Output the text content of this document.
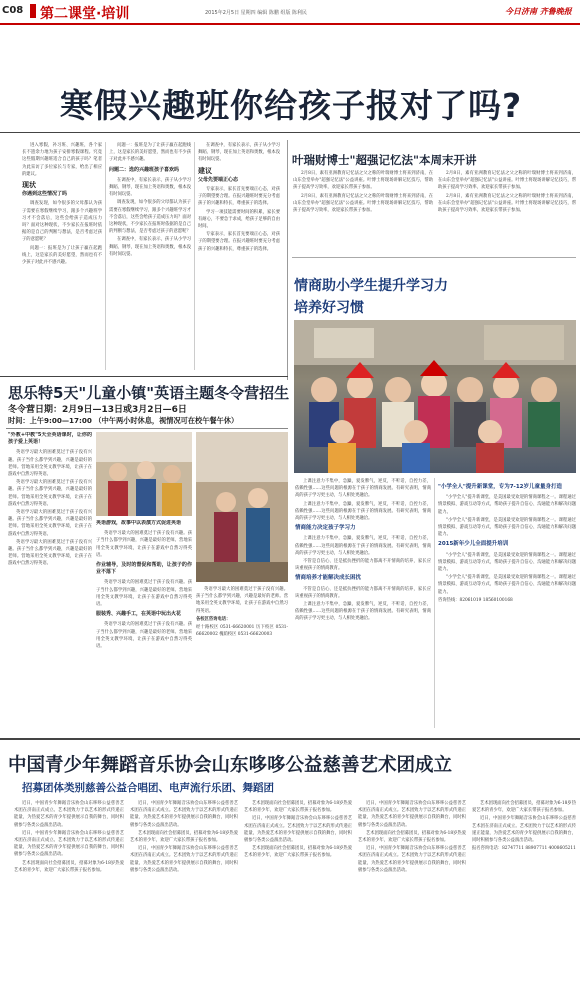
C08 第二课堂·培训	2015年2月5日 星期四 编辑 陈鹏 组版 陈利民	今日济南 齐鲁晚报
寒假兴趣班你给孩子报对了吗?

进入寒假，补习班、兴趣班，各个家长不遗余力地为孩子安排寒假课程。究竟这些假期兴趣班适合自己的孩子吗？笔者为此采访了多位家长与专家，给出了相应的建议。

现状
你遇到这些情况了吗

调查发现，如今很多的父母都认为孩子需要在寒假继续学习，跟多个兴趣班学习才不会落后，这些会给孩子造成压力吗？面对这种现状，不少家长在报班时依据的是自己的判断与想法，是否考虑过孩子的意愿呢？

问题一：报班是为了让孩子赢在起跑线上，这是家长的美好愿望，然而也有不少孩子对此并不感兴趣。

问题一：报班是为了让孩子赢在起跑线上，这是家长的美好愿望，然而也有不少孩子对此并不感兴趣。

问题二：选的兴趣班孩子喜欢吗

在调查中，有家长表示，孩子从小学习舞蹈、钢琴，现在加上英语和奥数，根本没有时间玩耍。

调查发现，如今很多的父母都认为孩子需要在寒假继续学习，跟多个兴趣班学习才不会落后，这些会给孩子造成压力吗？面对这种现状，不少家长在报班时依据的是自己的判断与想法，是否考虑过孩子的意愿呢？

在调查中，有家长表示，孩子从小学习舞蹈、钢琴，现在加上英语和奥数，根本没有时间玩耍。

在调查中，有家长表示，孩子从小学习舞蹈、钢琴，现在加上英语和奥数，根本没有时间玩耍。

建议
父母先要端正心态

专家表示，家长首先要端正心态，对孩子的期望要合理。在报兴趣班时要充分考虑孩子的兴趣和特长，尊重孩子的选择。

学习一项技能需要时间的积累，家长要有耐心，不要急于求成，给孩子足够的自由时间。

专家表示，家长首先要端正心态，对孩子的期望要合理。在报兴趣班时要充分考虑孩子的兴趣和特长，尊重孩子的选择。

叶瑞财博士"超强记忆法"本周末开讲

2月8日，素有亚洲教育记忆法之父之称的叶瑞财博士将来到济南，在山东会堂举办"超强记忆法"公益讲座。叶博士将现场讲解记忆技巧，帮助孩子提高学习效率，欢迎家长带孩子参加。

2月8日，素有亚洲教育记忆法之父之称的叶瑞财博士将来到济南，在山东会堂举办"超强记忆法"公益讲座。叶博士将现场讲解记忆技巧，帮助孩子提高学习效率，欢迎家长带孩子参加。

2月8日，素有亚洲教育记忆法之父之称的叶瑞财博士将来到济南，在山东会堂举办"超强记忆法"公益讲座。叶博士将现场讲解记忆技巧，帮助孩子提高学习效率，欢迎家长带孩子参加。

2月8日，素有亚洲教育记忆法之父之称的叶瑞财博士将来到济南，在山东会堂举办"超强记忆法"公益讲座。叶博士将现场讲解记忆技巧，帮助孩子提高学习效率，欢迎家长带孩子参加。

情商助小学生提升学习力
培养好习惯

上课注意力不集中，急躁，爱发脾气，逆反，不听话，自控力差，依赖性强……这些问题的根源在于孩子的情商发展。有研究表明，情商高的孩子学习更主动，与人相处更融洽。

上课注意力不集中，急躁，爱发脾气，逆反，不听话，自控力差，依赖性强……这些问题的根源在于孩子的情商发展。有研究表明，情商高的孩子学习更主动，与人相处更融洽。

情商能力决定孩子学习力

上课注意力不集中，急躁，爱发脾气，逆反，不听话，自控力差，依赖性强……这些问题的根源在于孩子的情商发展。有研究表明，情商高的孩子学习更主动，与人相处更融洽。

不管是自信心、还是抵抗挫折的能力都离不开情商的培养，家长应该重视孩子的情商教育。

情商培养才能解决成长困扰

不管是自信心、还是抵抗挫折的能力都离不开情商的培养，家长应该重视孩子的情商教育。

上课注意力不集中，急躁，爱发脾气，逆反，不听话，自控力差，依赖性强……这些问题的根源在于孩子的情商发展。有研究表明，情商高的孩子学习更主动，与人相处更融洽。

"小学全人"提升新课堂，专为7-12岁儿童量身打造

"小学全人"提升新课堂，是美国最受欢迎的情商课程之一。课程通过情景模拟、游戏互动等方式，帮助孩子提升自信心、沟通能力和解决问题能力。

"小学全人"提升新课堂，是美国最受欢迎的情商课程之一。课程通过情景模拟、游戏互动等方式，帮助孩子提升自信心、沟通能力和解决问题能力。

2015新年少儿全面提升培训

"小学全人"提升新课堂，是美国最受欢迎的情商课程之一。课程通过情景模拟、游戏互动等方式，帮助孩子提升自信心、沟通能力和解决问题能力。

"小学全人"提升新课堂，是美国最受欢迎的情商课程之一。课程通过情景模拟、游戏互动等方式，帮助孩子提升自信心、沟通能力和解决问题能力。

咨询热线：82061019 18560100168

思乐特5天"儿童小镇"英语主题冬令营招生
冬令营日期：2月9日—13日或3月2日—6日
时间：上午9:00—17:00 （中午两小时休息，视情况可在校午餐午休）
"外教+中教"5天全英语课时，让你的孩子爱上英语！

英语学习最大的困难莫过于孩子没有兴趣。孩子当什么都学到兴趣，兴趣是最好的老师。营地采用全英文教学环境，让孩子在游戏中自然习得英语。

英语学习最大的困难莫过于孩子没有兴趣。孩子当什么都学到兴趣，兴趣是最好的老师。营地采用全英文教学环境，让孩子在游戏中自然习得英语。

英语学习最大的困难莫过于孩子没有兴趣。孩子当什么都学到兴趣，兴趣是最好的老师。营地采用全英文教学环境，让孩子在游戏中自然习得英语。

英语学习最大的困难莫过于孩子没有兴趣。孩子当什么都学到兴趣，兴趣是最好的老师。营地采用全英文教学环境，让孩子在游戏中自然习得英语。

英语游戏，故事中以表演方式促进英语

英语学习最大的困难莫过于孩子没有兴趣。孩子当什么都学到兴趣，兴趣是最好的老师。营地采用全英文教学环境，让孩子在游戏中自然习得英语。

作业辅导，及时的督促和帮助，让孩子的作业不落下

英语学习最大的困难莫过于孩子没有兴趣。孩子当什么都学到兴趣，兴趣是最好的老师。营地采用全英文教学环境，让孩子在游戏中自然习得英语。

服装秀、兴趣手工，在英语中玩出火花

英语学习最大的困难莫过于孩子没有兴趣。孩子当什么都学到兴趣，兴趣是最好的老师。营地采用全英文教学环境，让孩子在游戏中自然习得英语。

英语学习最大的困难莫过于孩子没有兴趣。孩子当什么都学到兴趣，兴趣是最好的老师。营地采用全英文教学环境，让孩子在游戏中自然习得英语。

各校区咨询电话：

经十路校区 0531-66620001 历下校区 0531-66620002 槐荫校区 0531-66620003

中国青少年舞蹈音乐协会山东哆哆公益慈善艺术团成立
招募团体类别慈善公益合唱团、电声流行乐团、舞蹈团

近日，中国青少年舞蹈音乐协会山东哆哆公益慈善艺术团在济南正式成立。艺术团致力于以艺术的形式传递正能量，为热爱艺术的青少年提供展示自我的舞台，同时积极参与各类公益演出活动。

近日，中国青少年舞蹈音乐协会山东哆哆公益慈善艺术团在济南正式成立。艺术团致力于以艺术的形式传递正能量，为热爱艺术的青少年提供展示自我的舞台，同时积极参与各类公益演出活动。

艺术团现面向社会招募团员，招募对象为6-18岁热爱艺术的青少年，欢迎广大家长带孩子报名参加。

近日，中国青少年舞蹈音乐协会山东哆哆公益慈善艺术团在济南正式成立。艺术团致力于以艺术的形式传递正能量，为热爱艺术的青少年提供展示自我的舞台，同时积极参与各类公益演出活动。

艺术团现面向社会招募团员，招募对象为6-18岁热爱艺术的青少年，欢迎广大家长带孩子报名参加。

近日，中国青少年舞蹈音乐协会山东哆哆公益慈善艺术团在济南正式成立。艺术团致力于以艺术的形式传递正能量，为热爱艺术的青少年提供展示自我的舞台，同时积极参与各类公益演出活动。

艺术团现面向社会招募团员，招募对象为6-18岁热爱艺术的青少年，欢迎广大家长带孩子报名参加。

近日，中国青少年舞蹈音乐协会山东哆哆公益慈善艺术团在济南正式成立。艺术团致力于以艺术的形式传递正能量，为热爱艺术的青少年提供展示自我的舞台，同时积极参与各类公益演出活动。

艺术团现面向社会招募团员，招募对象为6-18岁热爱艺术的青少年，欢迎广大家长带孩子报名参加。

近日，中国青少年舞蹈音乐协会山东哆哆公益慈善艺术团在济南正式成立。艺术团致力于以艺术的形式传递正能量，为热爱艺术的青少年提供展示自我的舞台，同时积极参与各类公益演出活动。

艺术团现面向社会招募团员，招募对象为6-18岁热爱艺术的青少年，欢迎广大家长带孩子报名参加。

近日，中国青少年舞蹈音乐协会山东哆哆公益慈善艺术团在济南正式成立。艺术团致力于以艺术的形式传递正能量，为热爱艺术的青少年提供展示自我的舞台，同时积极参与各类公益演出活动。

艺术团现面向社会招募团员，招募对象为6-18岁热爱艺术的青少年，欢迎广大家长带孩子报名参加。

近日，中国青少年舞蹈音乐协会山东哆哆公益慈善艺术团在济南正式成立。艺术团致力于以艺术的形式传递正能量，为热爱艺术的青少年提供展示自我的舞台，同时积极参与各类公益演出活动。

报名咨询电话：82747711 88907711 4008605211
